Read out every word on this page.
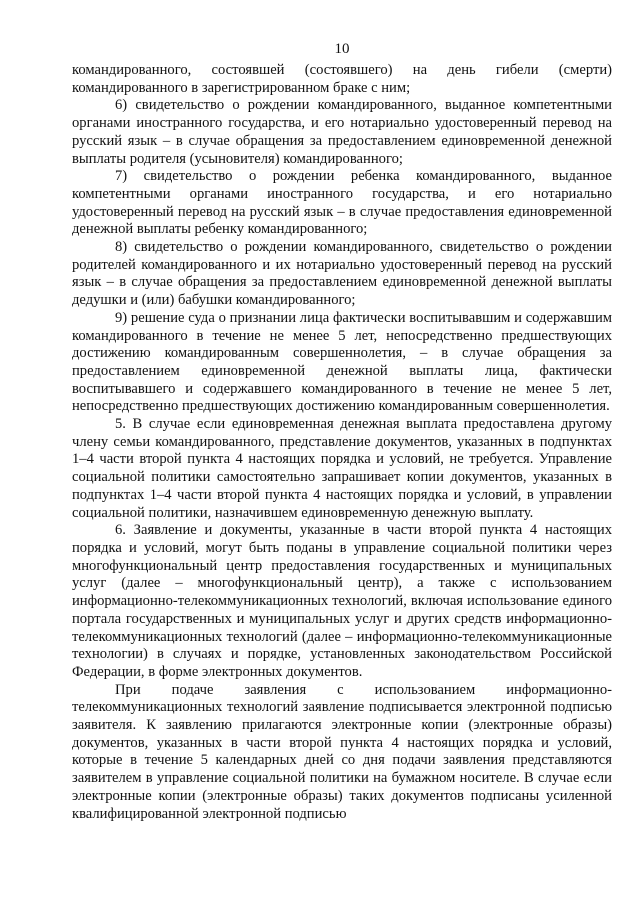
10

командированного, состоявшей (состоявшего) на день гибели (смерти) командированного в зарегистрированном браке с ним;

6) свидетельство о рождении командированного, выданное компетентными органами иностранного государства, и его нотариально удостоверенный перевод на русский язык – в случае обращения за предоставлением единовременной денежной выплаты родителя (усыновителя) командированного;

7) свидетельство о рождении ребенка командированного, выданное компетентными органами иностранного государства, и его нотариально удостоверенный перевод на русский язык – в случае предоставления единовременной денежной выплаты ребенку командированного;

8) свидетельство о рождении командированного, свидетельство о рождении родителей командированного и их нотариально удостоверенный перевод на русский язык – в случае обращения за предоставлением единовременной денежной выплаты дедушки и (или) бабушки командированного;

9) решение суда о признании лица фактически воспитывавшим и содержавшим командированного в течение не менее 5 лет, непосредственно предшествующих достижению командированным совершеннолетия, – в случае обращения за предоставлением единовременной денежной выплаты лица, фактически воспитывавшего и содержавшего командированного в течение не менее 5 лет, непосредственно предшествующих достижению командированным совершеннолетия.

5. В случае если единовременная денежная выплата предоставлена другому члену семьи командированного, представление документов, указанных в подпунктах 1–4 части второй пункта 4 настоящих порядка и условий, не требуется. Управление социальной политики самостоятельно запрашивает копии документов, указанных в подпунктах 1–4 части второй пункта 4 настоящих порядка и условий, в управлении социальной политики, назначившем единовременную денежную выплату.

6. Заявление и документы, указанные в части второй пункта 4 настоящих порядка и условий, могут быть поданы в управление социальной политики через многофункциональный центр предоставления государственных и муниципальных услуг (далее – многофункциональный центр), а также с использованием информационно-телекоммуникационных технологий, включая использование единого портала государственных и муниципальных услуг и других средств информационно-телекоммуникационных технологий (далее – информационно-телекоммуникационные технологии) в случаях и порядке, установленных законодательством Российской Федерации, в форме электронных документов.

При подаче заявления с использованием информационно-телекоммуникационных технологий заявление подписывается электронной подписью заявителя. К заявлению прилагаются электронные копии (электронные образы) документов, указанных в части второй пункта 4 настоящих порядка и условий, которые в течение 5 календарных дней со дня подачи заявления представляются заявителем в управление социальной политики на бумажном носителе. В случае если электронные копии (электронные образы) таких документов подписаны усиленной квалифицированной электронной подписью
